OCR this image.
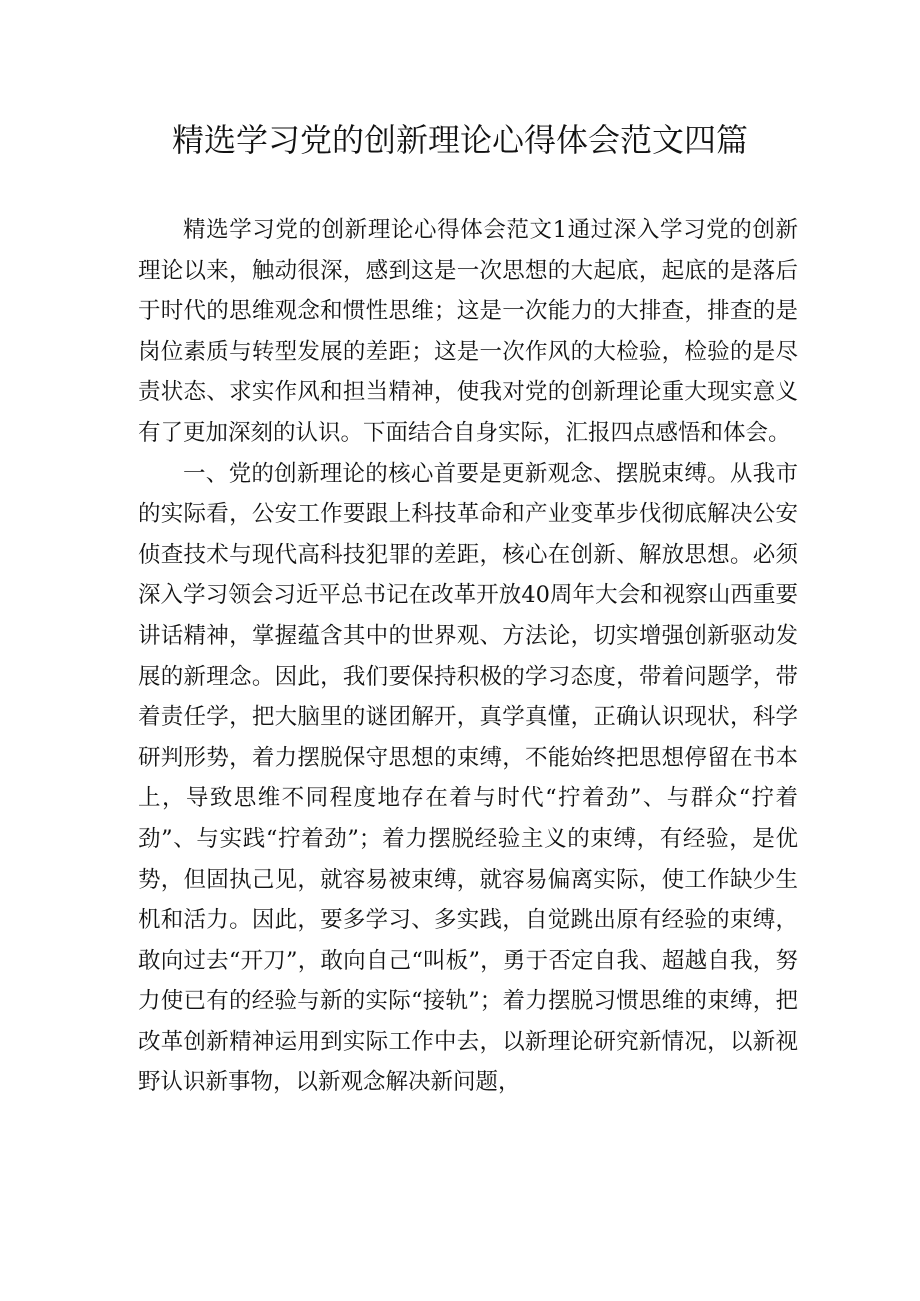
精选学习党的创新理论心得体会范文四篇

精选学习党的创新理论心得体会范文1通过深入学习党的创新理论以来，触动很深，感到这是一次思想的大起底，起底的是落后于时代的思维观念和惯性思维；这是一次能力的大排查，排查的是岗位素质与转型发展的差距；这是一次作风的大检验，检验的是尽责状态、求实作风和担当精神，使我对党的创新理论重大现实意义有了更加深刻的认识。下面结合自身实际，汇报四点感悟和体会。

一、党的创新理论的核心首要是更新观念、摆脱束缚。从我市的实际看，公安工作要跟上科技革命和产业变革步伐彻底解决公安侦查技术与现代高科技犯罪的差距，核心在创新、解放思想。必须深入学习领会习近平总书记在改革开放40周年大会和视察山西重要讲话精神，掌握蕴含其中的世界观、方法论，切实增强创新驱动发展的新理念。因此，我们要保持积极的学习态度，带着问题学，带着责任学，把大脑里的谜团解开，真学真懂，正确认识现状，科学研判形势，着力摆脱保守思想的束缚，不能始终把思想停留在书本上，导致思维不同程度地存在着与时代“拧着劲”、与群众“拧着劲”、与实践“拧着劲”；着力摆脱经验主义的束缚，有经验，是优势，但固执己见，就容易被束缚，就容易偏离实际，使工作缺少生机和活力。因此，要多学习、多实践，自觉跳出原有经验的束缚，敢向过去“开刀”，敢向自己“叫板”，勇于否定自我、超越自我，努力使已有的经验与新的实际“接轨”；着力摆脱习惯思维的束缚，把改革创新精神运用到实际工作中去，以新理论研究新情况，以新视野认识新事物，以新观念解决新问题，
